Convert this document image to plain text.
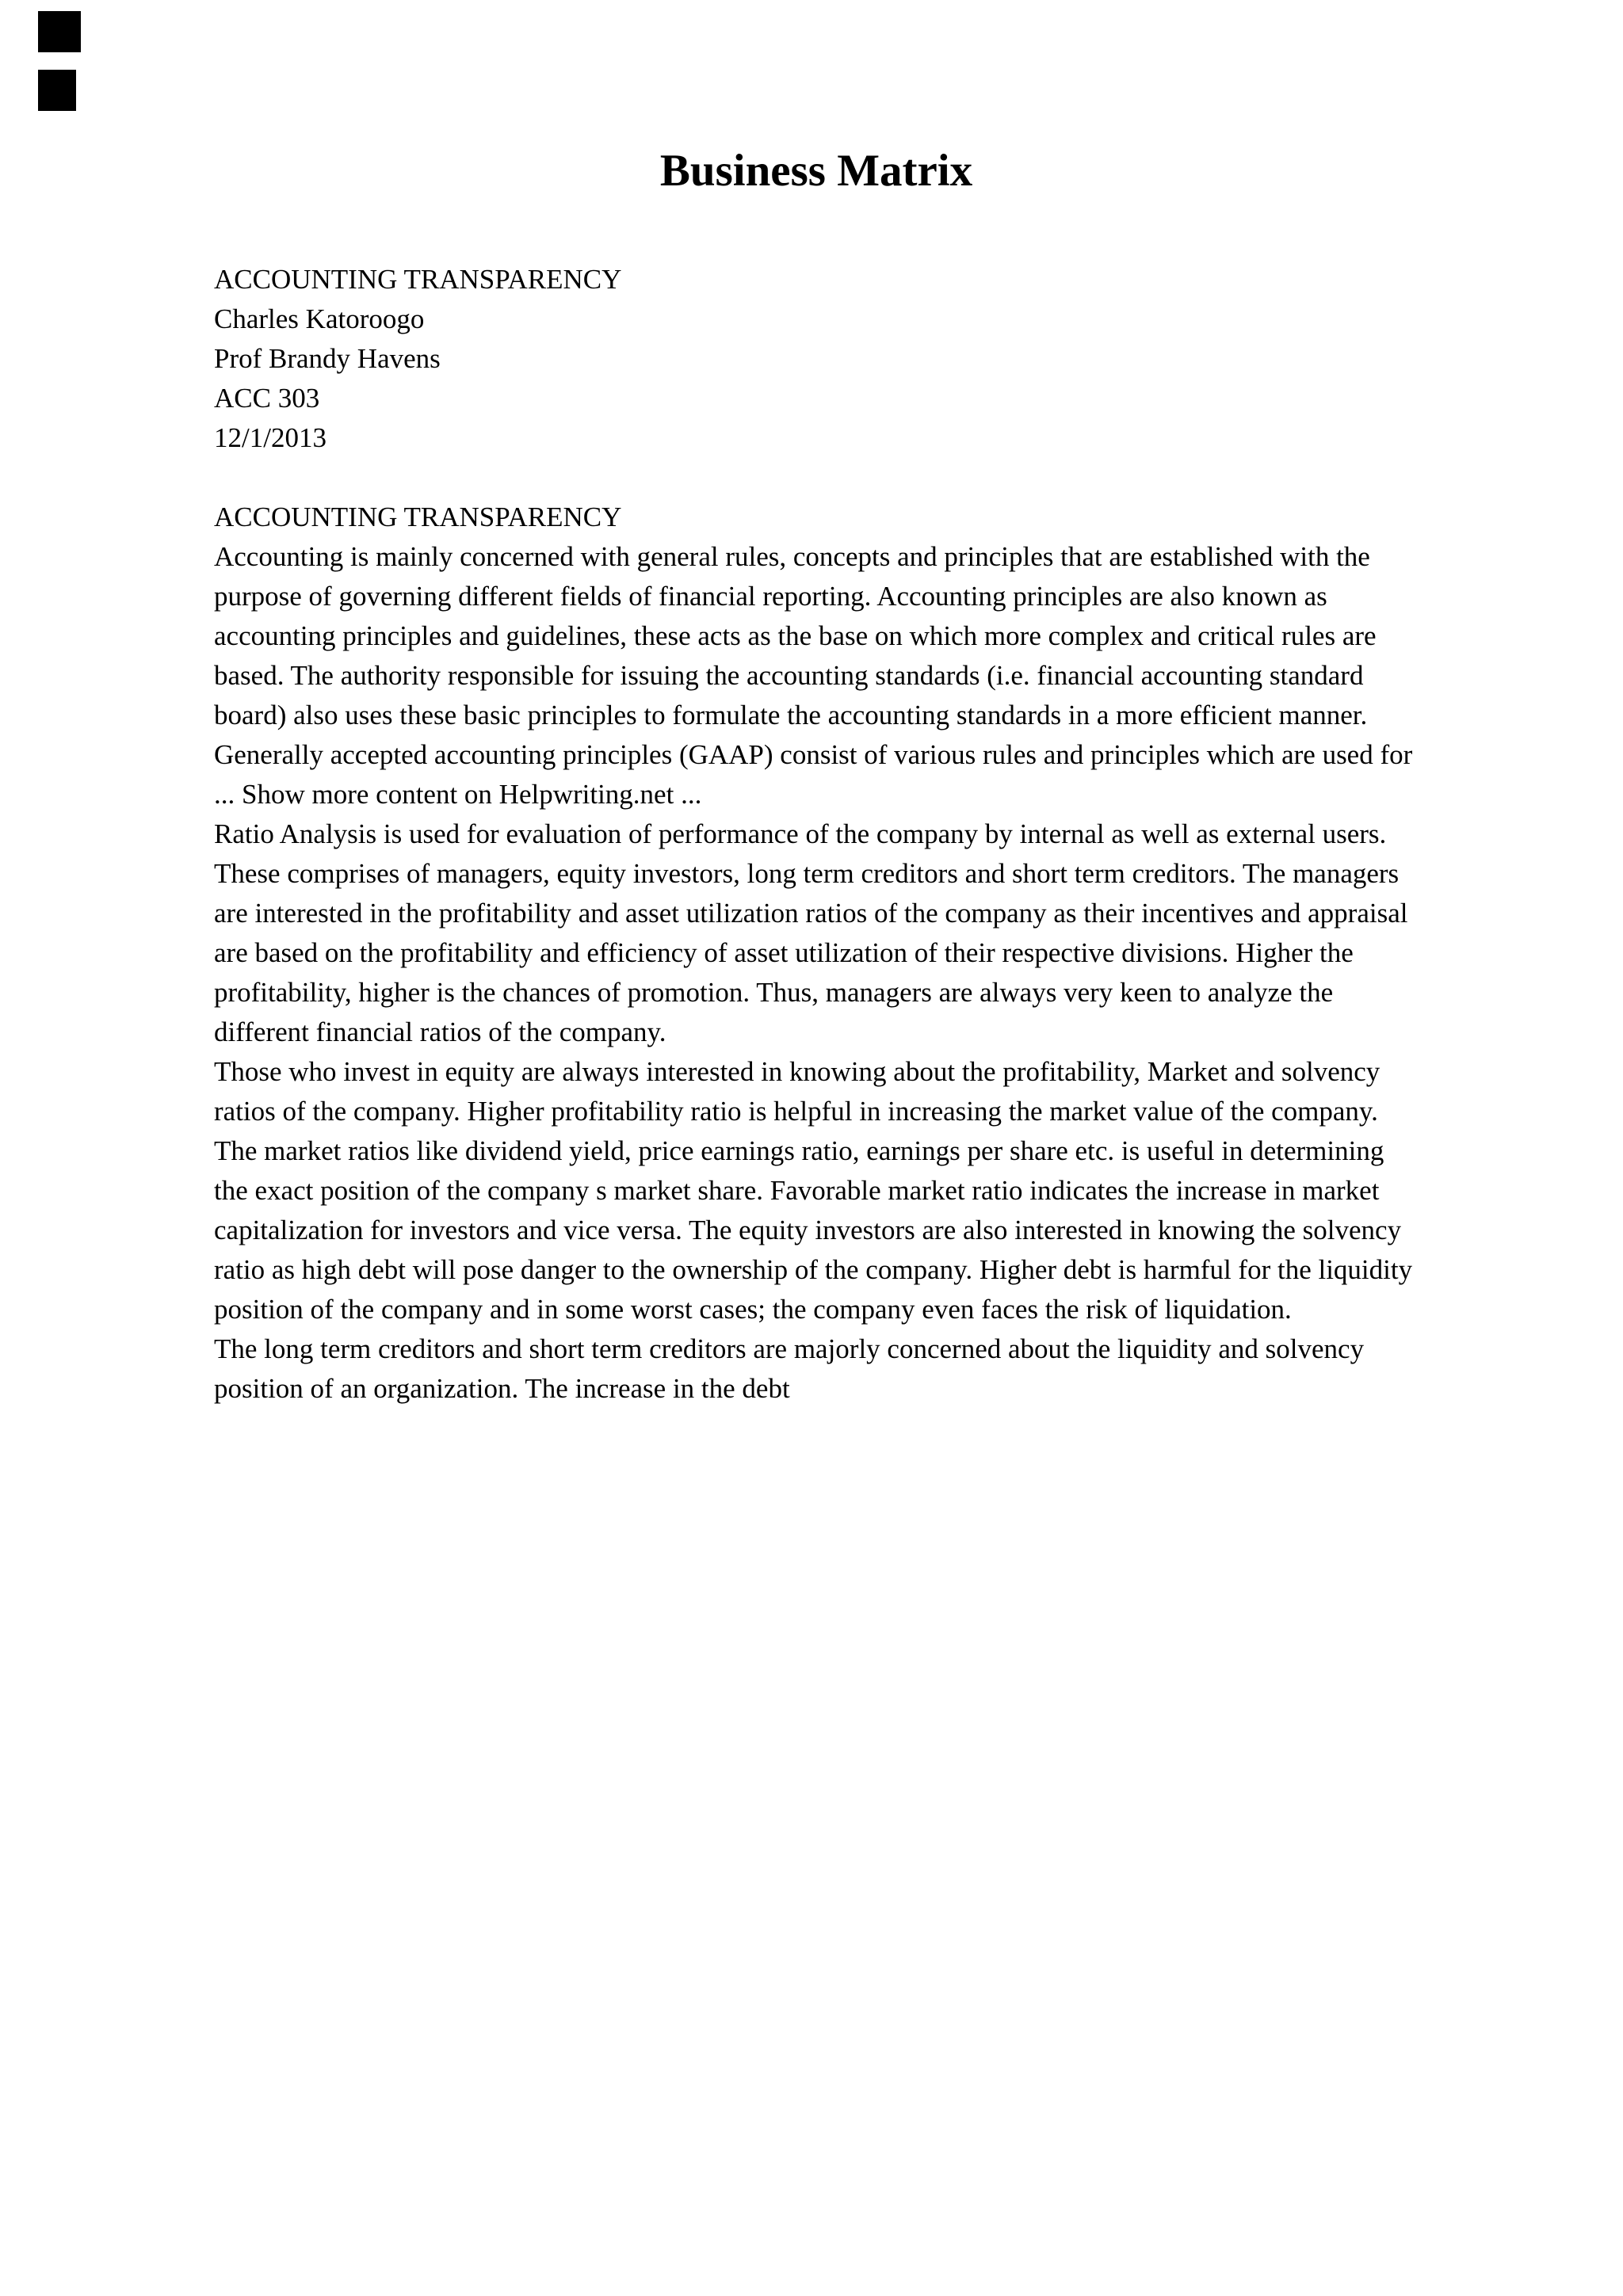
Business Matrix

ACCOUNTING TRANSPARENCY

Charles Katoroogo

Prof Brandy Havens

ACC 303

12/1/2013

ACCOUNTING TRANSPARENCY

Accounting is mainly concerned with general rules, concepts and principles that are established with the purpose of governing different fields of financial reporting. Accounting principles are also known as accounting principles and guidelines, these acts as the base on which more complex and critical rules are based. The authority responsible for issuing the accounting standards (i.e. financial accounting standard board) also uses these basic principles to formulate the accounting standards in a more efficient manner.

Generally accepted accounting principles (GAAP) consist of various rules and principles which are used for ... Show more content on Helpwriting.net ...

Ratio Analysis is used for evaluation of performance of the company by internal as well as external users. These comprises of managers, equity investors, long term creditors and short term creditors. The managers are interested in the profitability and asset utilization ratios of the company as their incentives and appraisal are based on the profitability and efficiency of asset utilization of their respective divisions. Higher the profitability, higher is the chances of promotion. Thus, managers are always very keen to analyze the different financial ratios of the company.

Those who invest in equity are always interested in knowing about the profitability, Market and solvency ratios of the company. Higher profitability ratio is helpful in increasing the market value of the company. The market ratios like dividend yield, price earnings ratio, earnings per share etc. is useful in determining the exact position of the company s market share. Favorable market ratio indicates the increase in market capitalization for investors and vice versa. The equity investors are also interested in knowing the solvency ratio as high debt will pose danger to the ownership of the company. Higher debt is harmful for the liquidity position of the company and in some worst cases; the company even faces the risk of liquidation.

The long term creditors and short term creditors are majorly concerned about the liquidity and solvency position of an organization. The increase in the debt
